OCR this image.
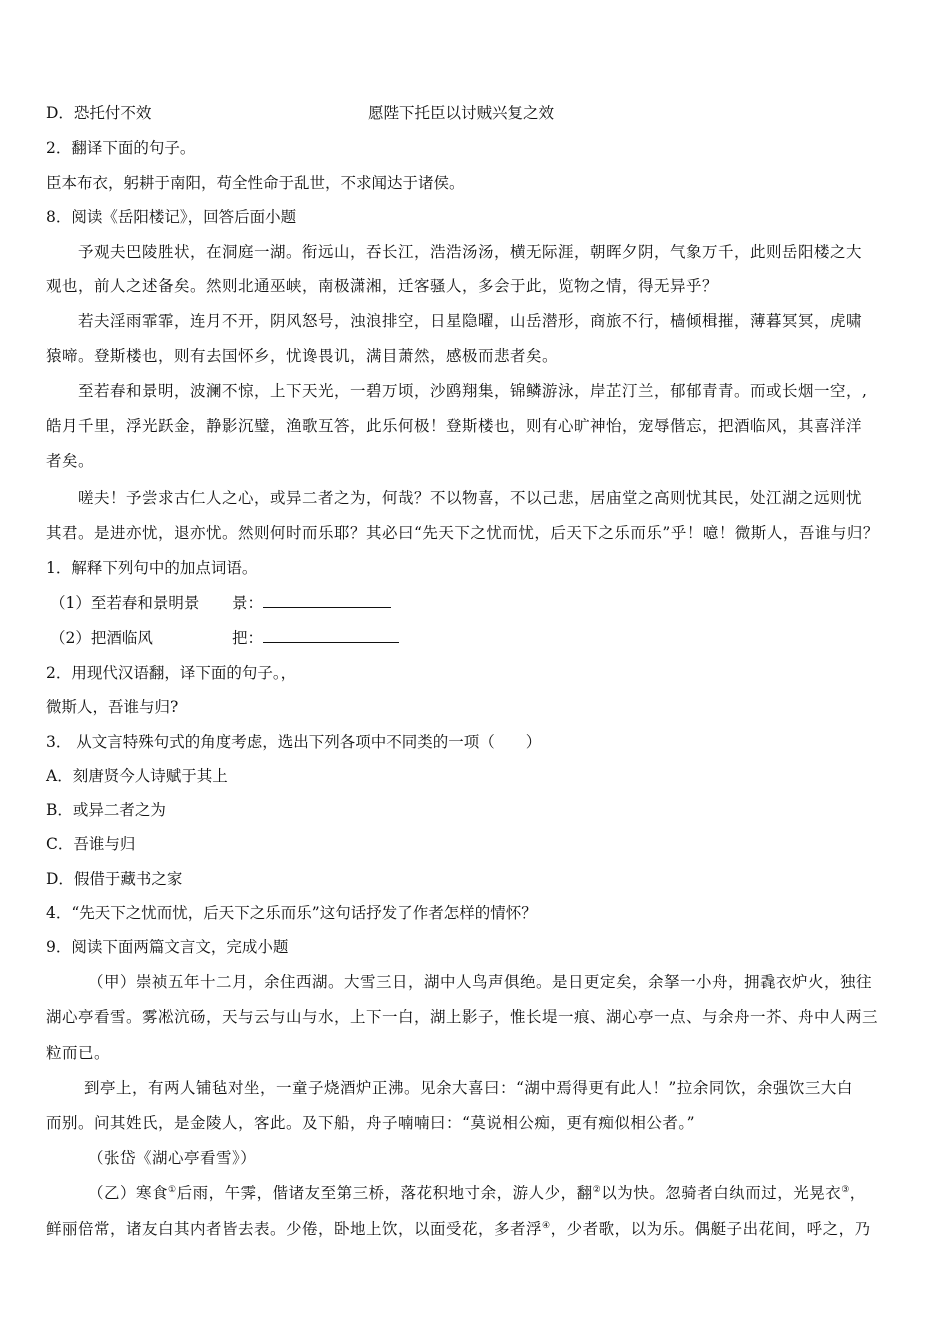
D．恐托付不效	愿陛下托臣以讨贼兴复之效
2．翻译下面的句子。
臣本布衣，躬耕于南阳，苟全性命于乱世，不求闻达于诸侯。
8．阅读《岳阳楼记》，回答后面小题
予观夫巴陵胜状，在洞庭一湖。衔远山，吞长江，浩浩汤汤，横无际涯，朝晖夕阴，气象万千，此则岳阳楼之大
观也，前人之述备矣。然则北通巫峡，南极潇湘，迁客骚人，多会于此，览物之情，得无异乎？
若夫淫雨霏霏，连月不开，阴风怒号，浊浪排空，日星隐曜，山岳潜形，商旅不行，樯倾楫摧，薄暮冥冥，虎啸
猿啼。登斯楼也，则有去国怀乡，忧谗畏讥，满目萧然，感极而悲者矣。
至若春和景明，波澜不惊，上下天光，一碧万顷，沙鸥翔集，锦鳞游泳，岸芷汀兰，郁郁青青。而或长烟一空，,
皓月千里，浮光跃金，静影沉璧，渔歌互答，此乐何极！登斯楼也，则有心旷神怡，宠辱偕忘，把酒临风，其喜洋洋
者矣。
嗟夫！予尝求古仁人之心，或异二者之为，何哉？不以物喜，不以己悲，居庙堂之高则忧其民，处江湖之远则忧
其君。是进亦忧，退亦忧。然则何时而乐耶？其必曰“先天下之忧而忧，后天下之乐而乐”乎！噫！微斯人，吾谁与归？
1．解释下列句中的加点词语。
（1）至若春和景明景 景：
（2）把酒临风	把：
2．用现代汉语翻，译下面的句子。，
微斯人，吾谁与归?
3． 从文言特殊句式的角度考虑，选出下列各项中不同类的一项（　　）
A．刻唐贤今人诗赋于其上
B．或异二者之为
C．吾谁与归
D．假借于藏书之家
4．“先天下之忧而忧，后天下之乐而乐”这句话抒发了作者怎样的情怀？
9．阅读下面两篇文言文，完成小题
（甲）崇祯五年十二月，余住西湖。大雪三日，湖中人鸟声俱绝。是日更定矣，余拏一小舟，拥毳衣炉火，独往
湖心亭看雪。雾凇沆砀，天与云与山与水，上下一白，湖上影子，惟长堤一痕、湖心亭一点、与余舟一芥、舟中人两三
粒而已。
到亭上，有两人铺毡对坐，一童子烧酒炉正沸。见余大喜曰：“湖中焉得更有此人！”拉余同饮，余强饮三大白
而别。问其姓氏，是金陵人，客此。及下船，舟子喃喃曰：“莫说相公痴，更有痴似相公者。”
（张岱《湖心亭看雪》）
（乙）寒食①后雨，午霁，偕诸友至第三桥，落花积地寸余，游人少，翻②以为快。忽骑者白纨而过，光晃衣③，
鲜丽倍常，诸友白其内者皆去表。少倦，卧地上饮，以面受花，多者浮④，少者歌，以为乐。偶艇子出花间，呼之，乃
